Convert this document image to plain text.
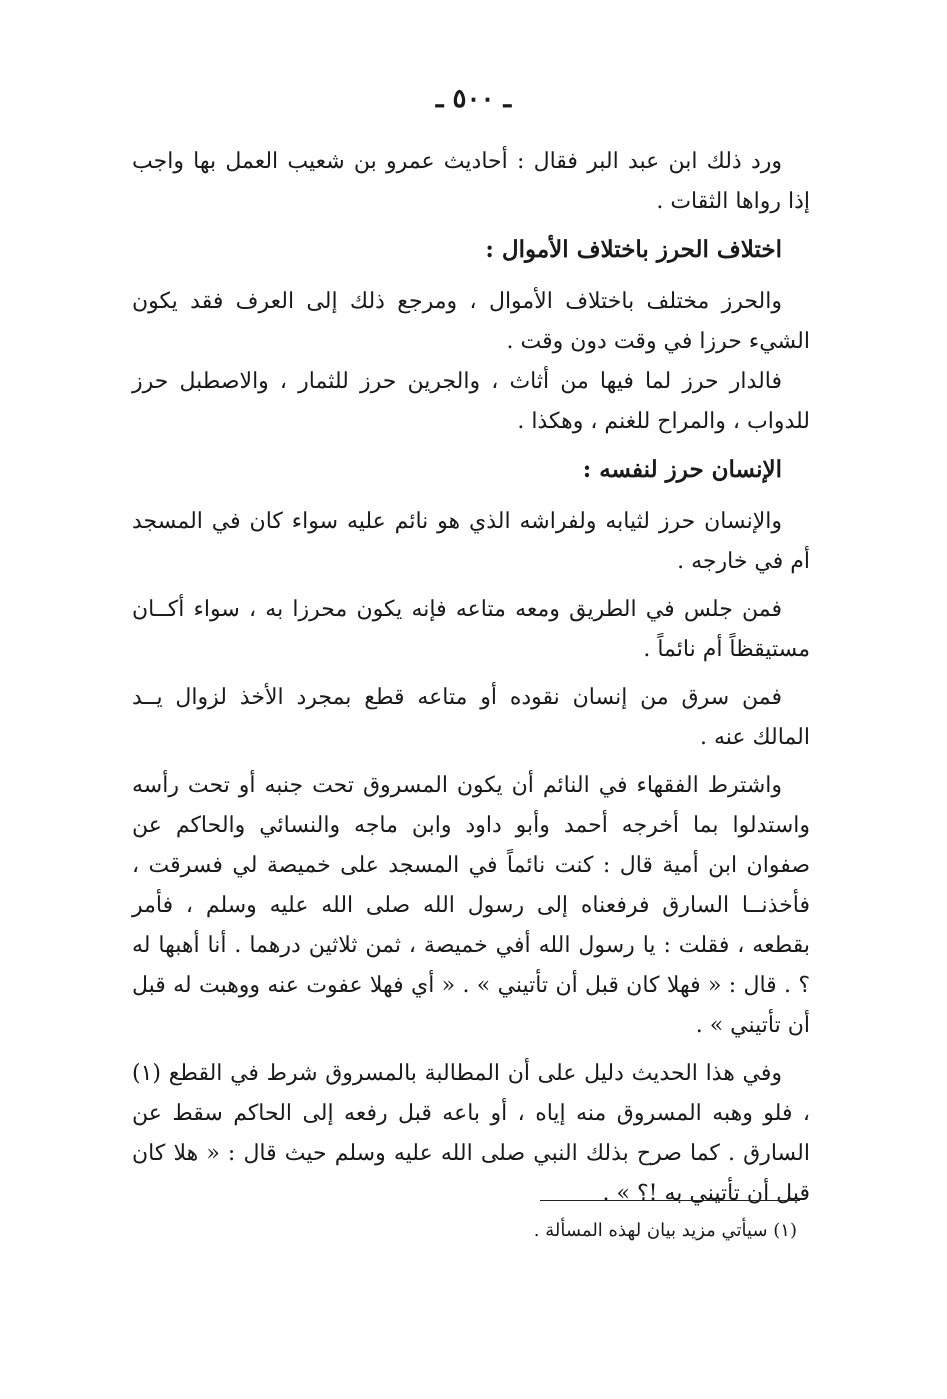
ـ ٥٠٠ ـ

ورد ذلك ابن عبد البر فقال : أحاديث عمرو بن شعيب العمل بها واجب إذا رواها الثقات .

اختلاف الحرز باختلاف الأموال :

والحرز مختلف باختلاف الأموال ، ومرجع ذلك إلى العرف فقد يكون الشيء حرزا في وقت دون وقت .

فالدار حرز لما فيها من أثاث ، والجرين حرز للثمار ، والاصطبل حرز للدواب ، والمراح للغنم ، وهكذا .

الإنسان حرز لنفسه :

والإنسان حرز لثيابه ولفراشه الذي هو نائم عليه سواء كان في المسجد أم في خارجه .

فمن جلس في الطريق ومعه متاعه فإنه يكون محرزا به ، سواء أكــان مستيقظاً أم نائماً .

فمن سرق من إنسان نقوده أو متاعه قطع بمجرد الأخذ لزوال يــد المالك عنه .

واشترط الفقهاء في النائم أن يكون المسروق تحت جنبه أو تحت رأسه واستدلوا بما أخرجه أحمد وأبو داود وابن ماجه والنسائي والحاكم عن صفوان ابن أمية قال : كنت نائماً في المسجد على خميصة لي فسرقت ، فأخذنــا السارق فرفعناه إلى رسول الله صلى الله عليه وسلم ، فأمر بقطعه ، فقلت : يا رسول الله أفي خميصة ، ثمن ثلاثين درهما . أنا أهبها له ؟ . قال : « فهلا كان قبل أن تأتيني » . « أي فهلا عفوت عنه ووهبت له قبل أن تأتيني » .

وفي هذا الحديث دليل على أن المطالبة بالمسروق شرط في القطع (١) ، فلو وهبه المسروق منه إياه ، أو باعه قبل رفعه إلى الحاكم سقط عن السارق . كما صرح بذلك النبي صلى الله عليه وسلم حيث قال : « هلا كان قبل أن تأتيني به !؟ » .

(١) سيأتي مزيد بيان لهذه المسألة .
